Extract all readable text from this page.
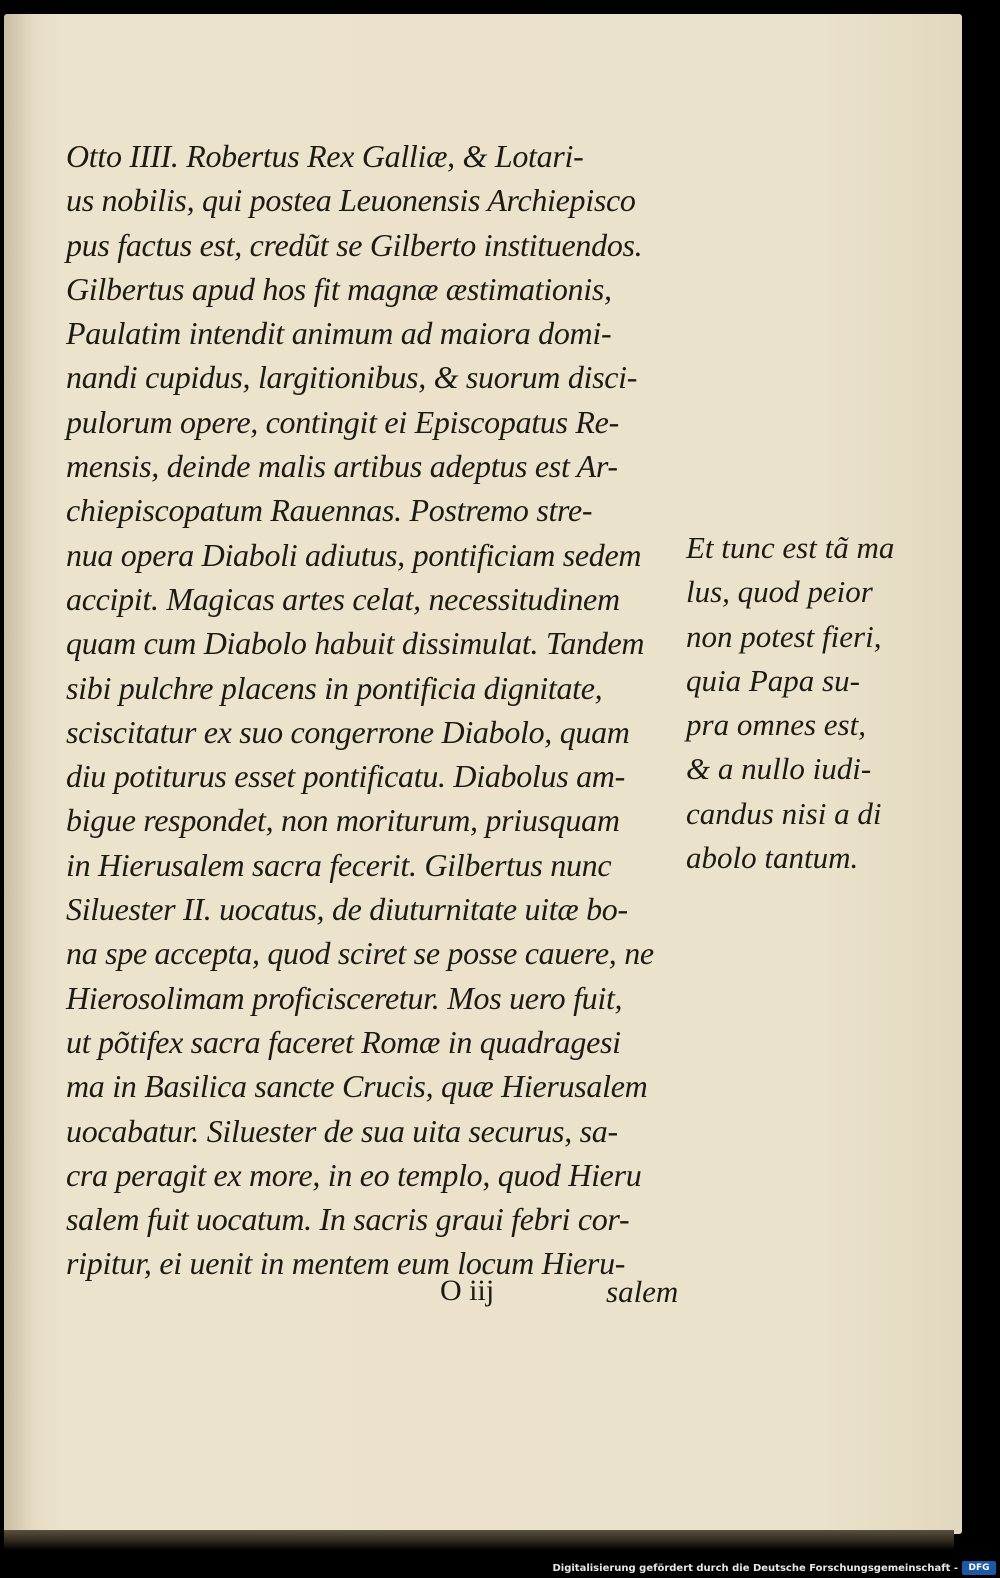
Otto IIII. Robertus Rex Galliæ, & Lotari-
us nobilis, qui postea Leuonensis Archiepisco
pus factus est, credũt se Gilberto instituendos.
Gilbertus apud hos fit magnæ æstimationis,
Paulatim intendit animum ad maiora domi-
nandi cupidus, largitionibus, & suorum disci-
pulorum opere, contingit ei Episcopatus Re-
mensis, deinde malis artibus adeptus est Ar-
chiepiscopatum Rauennas. Postremo stre-
nua opera Diaboli adiutus, pontificiam sedem
accipit. Magicas artes celat, necessitudinem
quam cum Diabolo habuit dissimulat. Tandem
sibi pulchre placens in pontificia dignitate,
sciscitatur ex suo congerrone Diabolo, quam
diu potiturus esset pontificatu. Diabolus am-
bigue respondet, non moriturum, priusquam
in Hierusalem sacra fecerit. Gilbertus nunc
Siluester II. uocatus, de diuturnitate uitæ bo-
na spe accepta, quod sciret se posse cauere, ne
Hierosolimam proficisceretur. Mos uero fuit,
ut põtifex sacra faceret Romæ in quadragesi
ma in Basilica sancte Crucis, quæ Hierusalem
uocabatur. Siluester de sua uita securus, sa-
cra peragit ex more, in eo templo, quod Hieru
salem fuit uocatum. In sacris graui febri cor-
ripitur, ei uenit in mentem eum locum Hieru-
Et tunc est tã ma
lus, quod peior
non potest fieri,
quia Papa su-
pra omnes est,
& a nullo iudi-
candus nisi a di
abolo tantum.
O iij	salem
Digitalisierung gefördert durch die Deutsche Forschungsgemeinschaft -	DFG
